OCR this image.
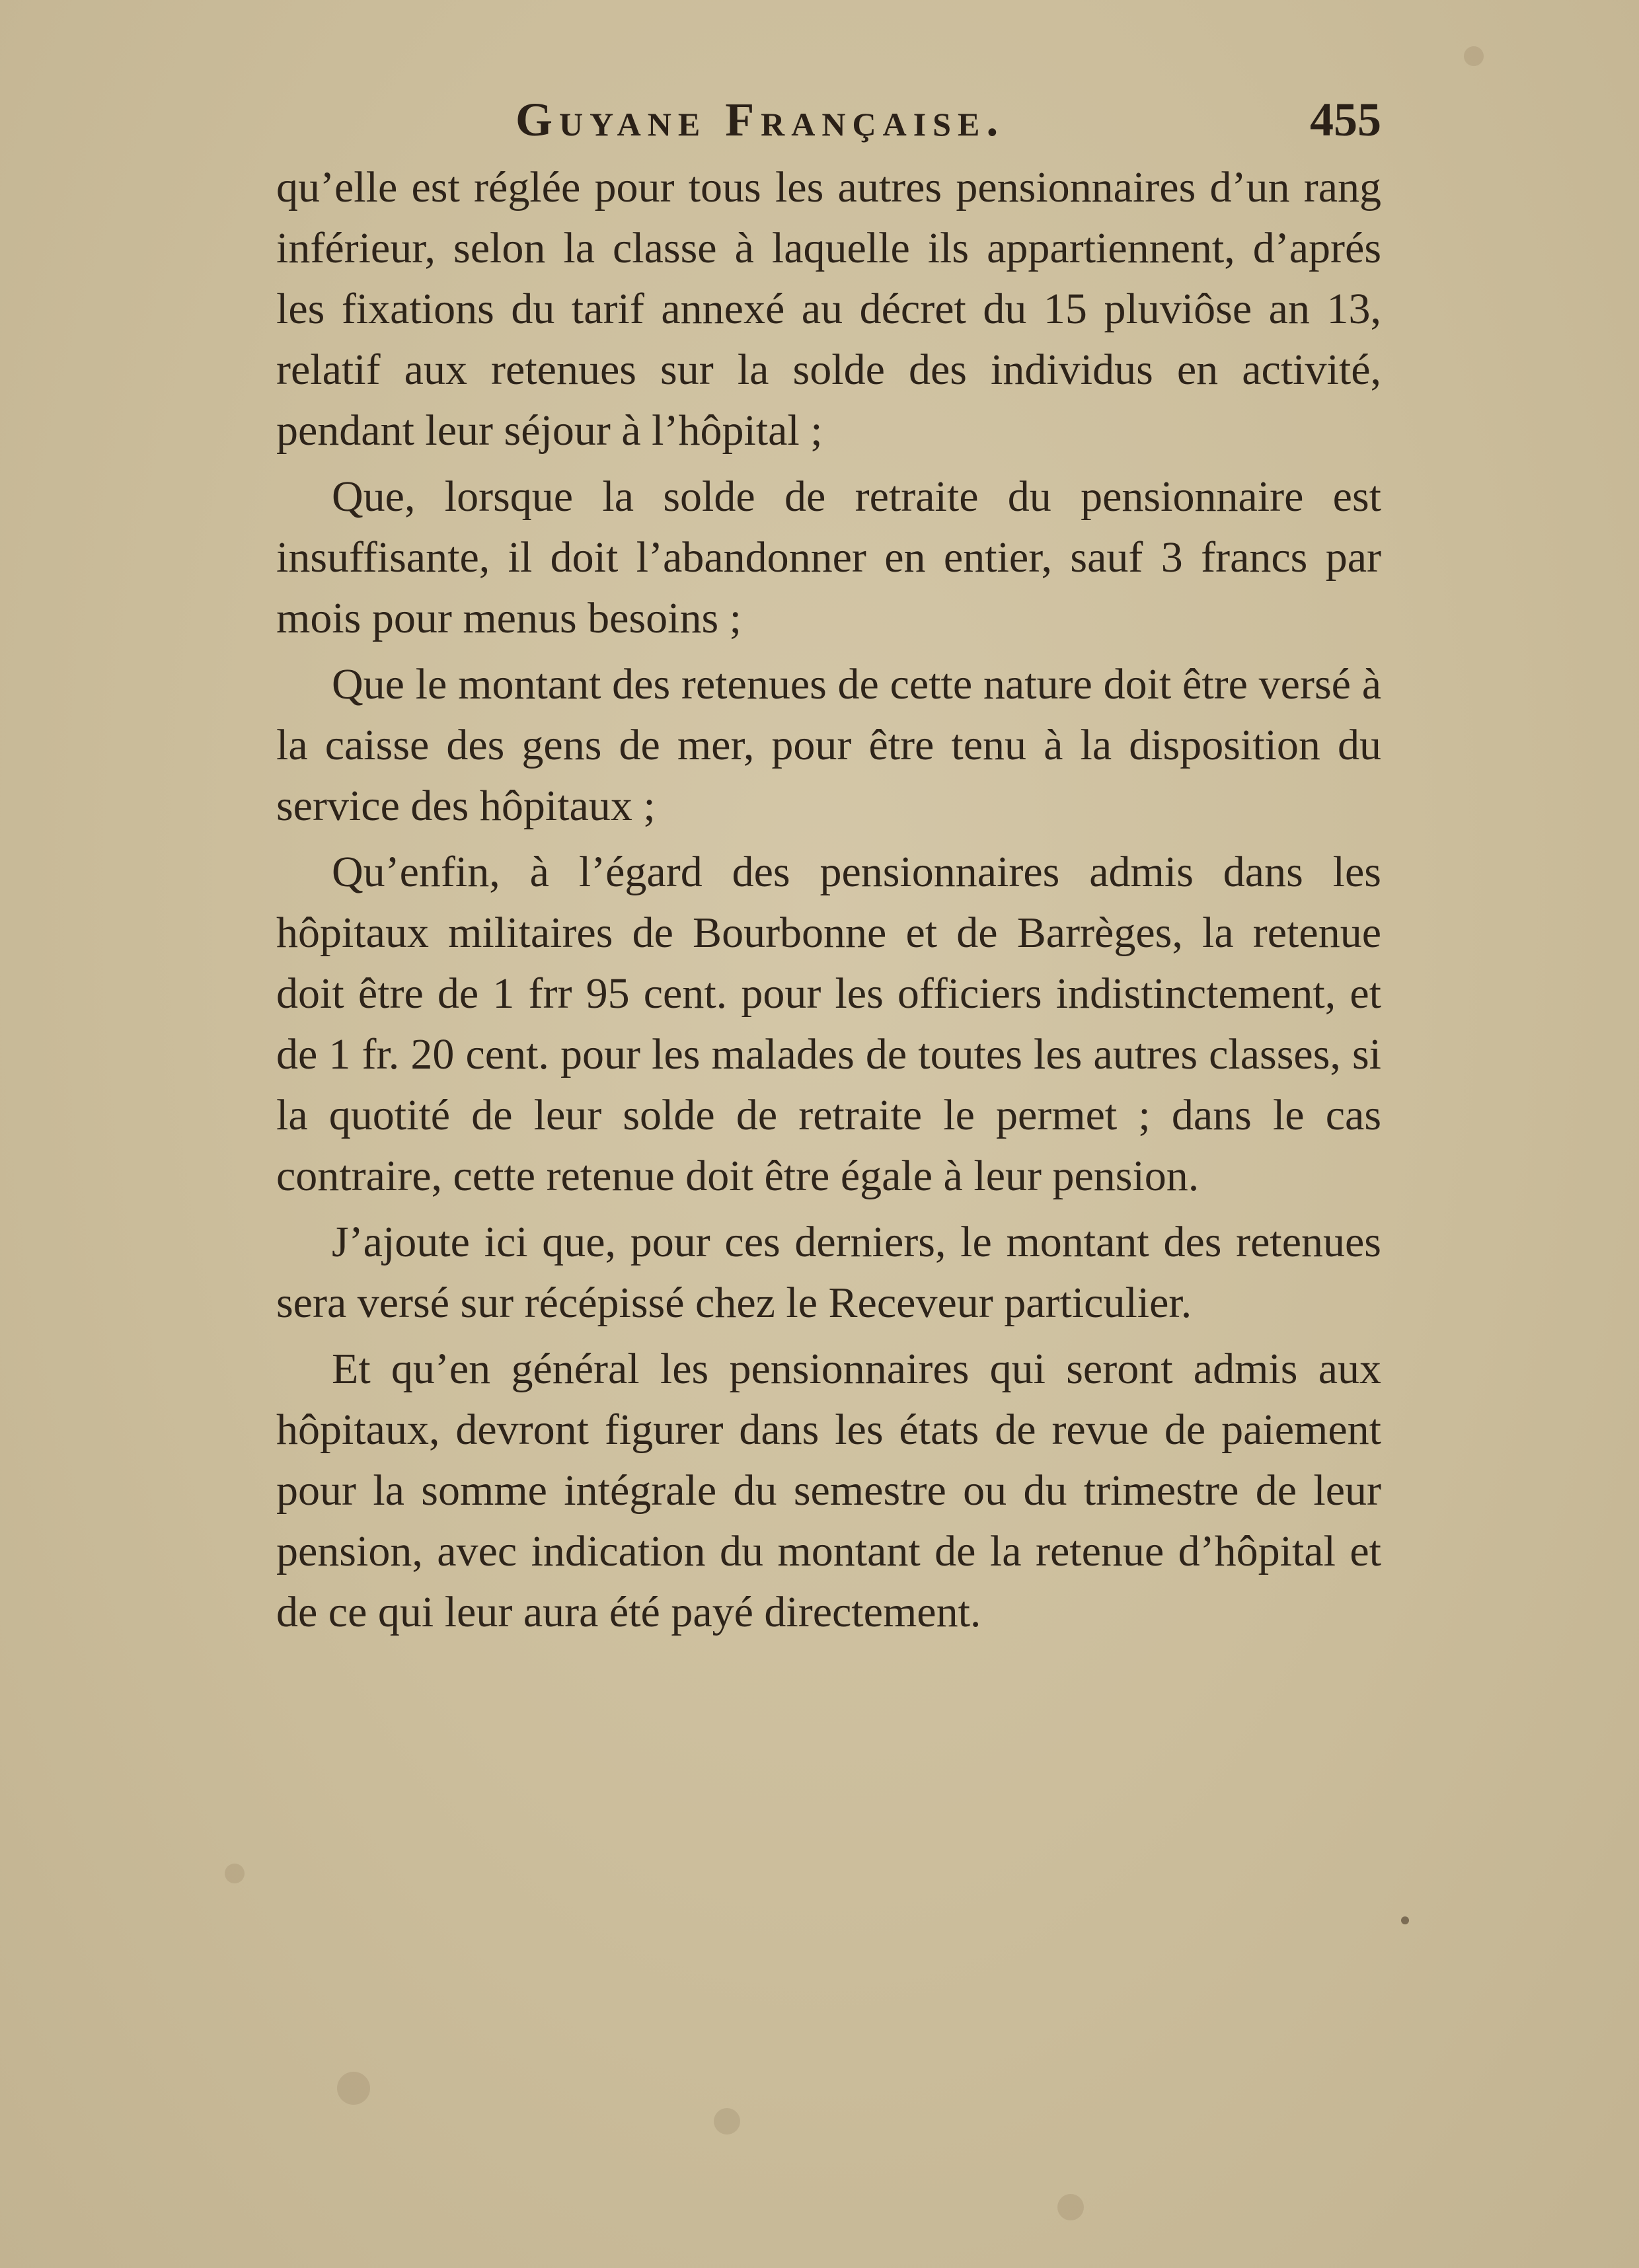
Guyane Française.	455

qu’elle est réglée pour tous les autres pensionnaires d’un rang inférieur, selon la classe à laquelle ils appartiennent, d’aprés les fixations du tarif annexé au décret du 15 pluviôse an 13, relatif aux retenues sur la solde des individus en activité, pendant leur séjour à l’hôpital ;

Que, lorsque la solde de retraite du pensionnaire est insuffisante, il doit l’abandonner en entier, sauf 3 francs par mois pour menus besoins ;

Que le montant des retenues de cette nature doit être versé à la caisse des gens de mer, pour être tenu à la disposition du service des hôpitaux ;

Qu’enfin, à l’égard des pensionnaires admis dans les hôpitaux militaires de Bourbonne et de Barrèges, la retenue doit être de 1 frr 95 cent. pour les officiers indistinctement, et de 1 fr. 20 cent. pour les malades de toutes les autres classes, si la quotité de leur solde de retraite le permet ; dans le cas contraire, cette retenue doit être égale à leur pension.

J’ajoute ici que, pour ces derniers, le montant des retenues sera versé sur récépissé chez le Receveur particulier.

Et qu’en général les pensionnaires qui seront admis aux hôpitaux, devront figurer dans les états de revue de paiement pour la somme intégrale du semestre ou du trimestre de leur pension, avec indication du montant de la retenue d’hôpital et de ce qui leur aura été payé directement.
